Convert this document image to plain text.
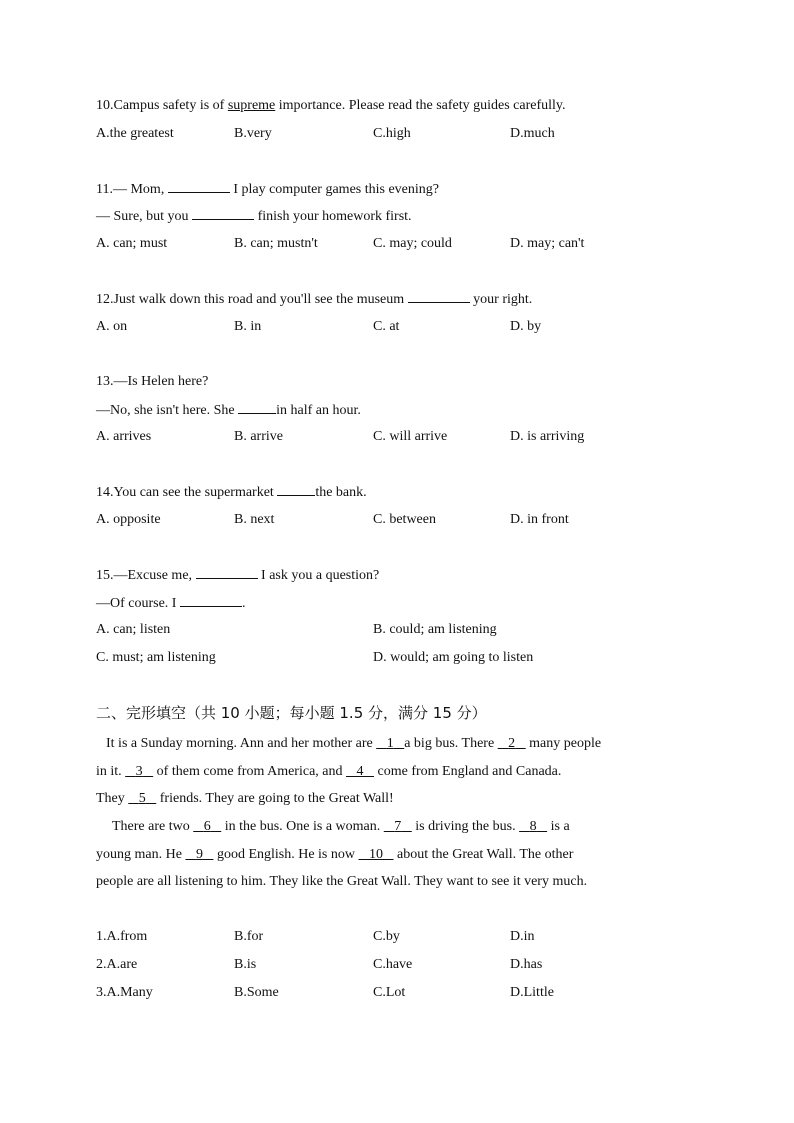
10.Campus safety is of supreme importance. Please read the safety guides carefully.
A.the greatest	B.very	C.high	D.much
11.— Mom,	I play computer games this evening?
— Sure, but you	finish your homework first.
A. can; must	B. can; mustn't	C. may; could	D. may; can't
12.Just walk down this road and you'll see the museum	your right.
A. on	B. in	C. at	D. by
13.—Is Helen here?
—No, she isn't here. She	in half an hour.
A. arrives	B. arrive	C. will arrive	D. is arriving
14.You can see the supermarket	the bank.
A. opposite	B. next	C. between	D. in front
15.—Excuse me,	I ask you a question?
—Of course. I	.
A. can; listen	B. could; am listening
C. must; am listening	D. would; am going to listen
二、完形填空（共 10 小题；每小题 1.5 分，满分 15 分）
It is a Sunday morning. Ann and her mother are    1 a big bus. There    2    many people
in it.    3    of them come from America, and    4    come from England and Canada.
They    5    friends. They are going to the Great Wall!
There are two    6    in the bus. One is a woman.    7    is driving the bus.    8    is a
young man. He    9    good English. He is now    10    about the Great Wall. The other
people are all listening to him. They like the Great Wall. They want to see it very much.
1.A.from	B.for	C.by	D.in
2.A.are	B.is	C.have	D.has
3.A.Many	B.Some	C.Lot	D.Little
